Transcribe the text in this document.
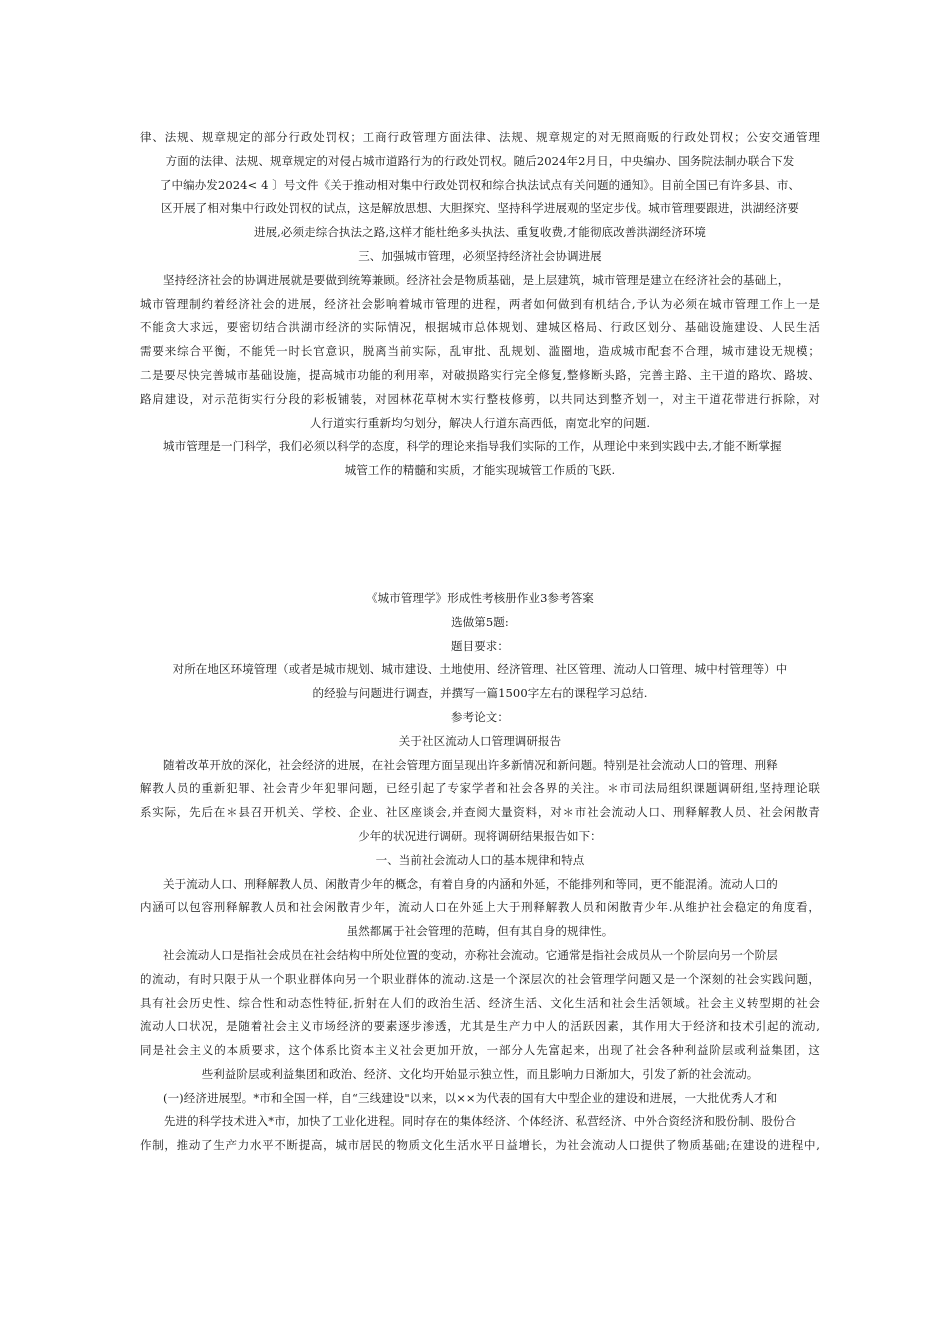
律、法规、规章规定的部分行政处罚权；工商行政管理方面法律、法规、规章规定的对无照商贩的行政处罚权；公安交通管理
方面的法律、法规、规章规定的对侵占城市道路行为的行政处罚权。随后2024年2月日，中央编办、国务院法制办联合下发
了中编办发2024< 4 〕号文件《关于推动相对集中行政处罚权和综合执法试点有关问题的通知》。目前全国已有许多县、市、
区开展了相对集中行政处罚权的试点，这是解放思想、大胆探究、坚持科学进展观的坚定步伐。城市管理要跟进，洪湖经济要
进展,必须走综合执法之路,这样才能杜绝多头执法、重复收费,才能彻底改善洪湖经济环境
三、加强城市管理，必须坚持经济社会协调进展
坚持经济社会的协调进展就是要做到统筹兼顾。经济社会是物质基础，是上层建筑，城市管理是建立在经济社会的基础上，
城市管理制约着经济社会的进展，经济社会影响着城市管理的进程，两者如何做到有机结合,予认为必须在城市管理工作上一是
不能贪大求远，要密切结合洪湖市经济的实际情况，根据城市总体规划、建城区格局、行政区划分、基础设施建设、人民生活
需要来综合平衡，不能凭一时长官意识，脱离当前实际，乱审批、乱规划、滥圈地，造成城市配套不合理，城市建设无规模；
二是要尽快完善城市基础设施，提高城市功能的利用率，对破损路实行完全修复,整修断头路，完善主路、主干道的路坎、路坡、
路肩建设，对示范街实行分段的彩板铺装，对园林花草树木实行整枝修剪，以共同达到整齐划一，对主干道花带进行拆除，对
人行道实行重新均匀划分，解决人行道东高西低，南宽北窄的问题.
城市管理是一门科学，我们必须以科学的态度，科学的理论来指导我们实际的工作，从理论中来到实践中去,才能不断掌握
城管工作的精髓和实质，才能实现城管工作质的飞跃.
《城市管理学》形成性考核册作业3参考答案
选做第5题:
题目要求：
对所在地区环境管理（或者是城市规划、城市建设、土地使用、经济管理、社区管理、流动人口管理、城中村管理等）中
的经验与问题进行调查，并撰写一篇1500字左右的课程学习总结.
参考论文：
关于社区流动人口管理调研报告
随着改革开放的深化，社会经济的进展，在社会管理方面呈现出许多新情况和新问题。特别是社会流动人口的管理、刑释
解教人员的重新犯罪、社会青少年犯罪问题，已经引起了专家学者和社会各界的关注。＊市司法局组织课题调研组,坚持理论联
系实际，先后在＊县召开机关、学校、企业、社区座谈会,并查阅大量资料，对＊市社会流动人口、刑释解教人员、社会闲散青
少年的状况进行调研。现将调研结果报告如下：
一、当前社会流动人口的基本规律和特点
关于流动人口、刑释解教人员、闲散青少年的概念，有着自身的内涵和外延，不能排列和等同，更不能混淆。流动人口的
内涵可以包容刑释解教人员和社会闲散青少年，流动人口在外延上大于刑释解教人员和闲散青少年.从维护社会稳定的角度看，
虽然都属于社会管理的范畴，但有其自身的规律性。
社会流动人口是指社会成员在社会结构中所处位置的变动，亦称社会流动。它通常是指社会成员从一个阶层向另一个阶层
的流动，有时只限于从一个职业群体向另一个职业群体的流动.这是一个深层次的社会管理学问题又是一个深刻的社会实践问题，
具有社会历史性、综合性和动态性特征,折射在人们的政治生活、经济生活、文化生活和社会生活领域。社会主义转型期的社会
流动人口状况，是随着社会主义市场经济的要素逐步渗透，尤其是生产力中人的活跃因素，其作用大于经济和技术引起的流动,
同是社会主义的本质要求，这个体系比资本主义社会更加开放，一部分人先富起来，出现了社会各种利益阶层或利益集团，这
些利益阶层或利益集团和政治、经济、文化均开始显示独立性，而且影响力日渐加大，引发了新的社会流动。
(一)经济进展型。*市和全国一样，自“三线建设"以来，以××为代表的国有大中型企业的建设和进展，一大批优秀人才和
先进的科学技术进入*市，加快了工业化进程。同时存在的集体经济、个体经济、私营经济、中外合资经济和股份制、股份合
作制，推动了生产力水平不断提高，城市居民的物质文化生活水平日益增长，为社会流动人口提供了物质基础;在建设的进程中,
